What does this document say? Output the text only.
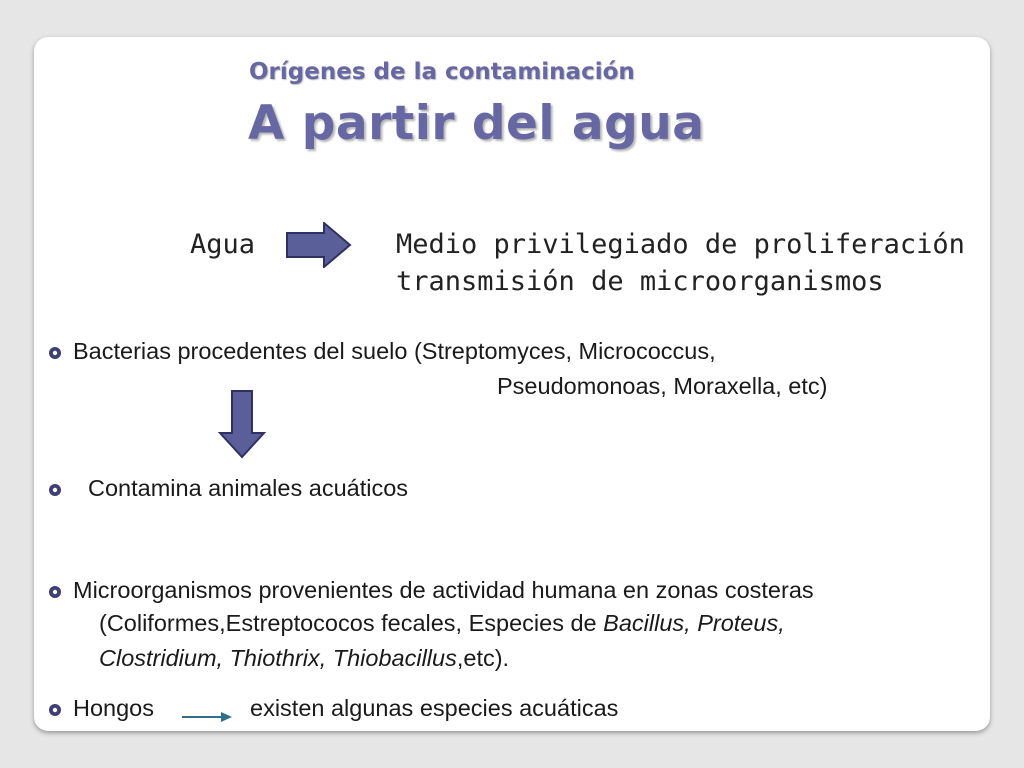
Orígenes de la contaminación
A partir del agua
Agua	Medio privilegiado de proliferación
transmisión de microorganismos
Bacterias procedentes del suelo (Streptomyces, Micrococcus,
Pseudomonoas, Moraxella, etc)
Contamina animales acuáticos
Microorganismos provenientes de actividad humana en zonas costeras
(Coliformes,Estreptococos fecales, Especies de Bacillus, Proteus,
Clostridium, Thiothrix, Thiobacillus,etc).
Hongos	existen algunas especies acuáticas
